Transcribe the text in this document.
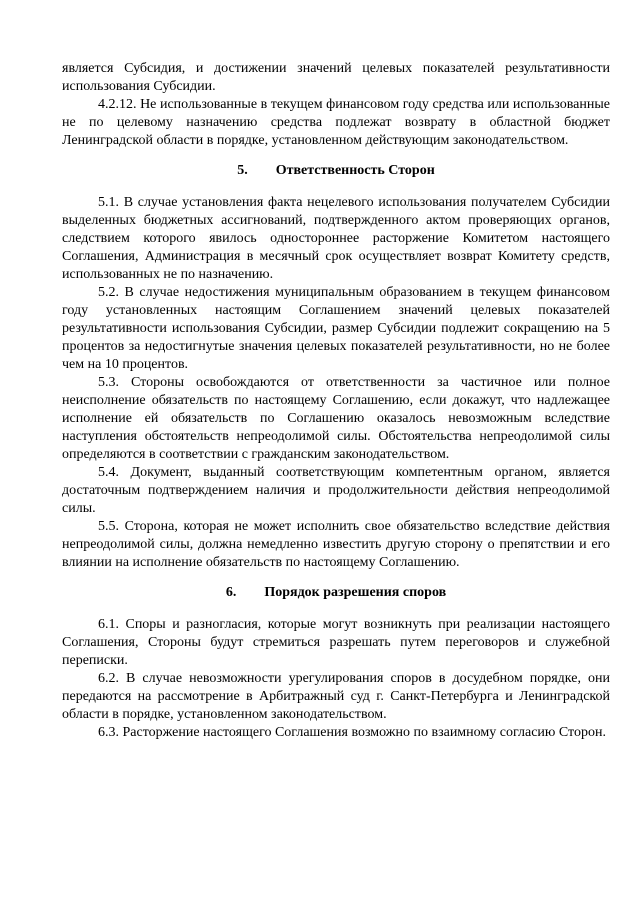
является Субсидия, и достижении значений целевых показателей результативности использования Субсидии.

4.2.12. Не использованные в текущем финансовом году средства или использованные не по целевому назначению средства подлежат возврату в областной бюджет Ленинградской области в порядке, установленном действующим законодательством.

5. Ответственность Сторон

5.1. В случае установления факта нецелевого использования получателем Субсидии выделенных бюджетных ассигнований, подтвержденного актом проверяющих органов, следствием которого явилось одностороннее расторжение Комитетом настоящего Соглашения, Администрация в месячный срок осуществляет возврат Комитету средств, использованных не по назначению.

5.2. В случае недостижения муниципальным образованием в текущем финансовом году установленных настоящим Соглашением значений целевых показателей результативности использования Субсидии, размер Субсидии подлежит сокращению на 5 процентов за недостигнутые значения целевых показателей результативности, но не более чем на 10 процентов.

5.3. Стороны освобождаются от ответственности за частичное или полное неисполнение обязательств по настоящему Соглашению, если докажут, что надлежащее исполнение ей обязательств по Соглашению оказалось невозможным вследствие наступления обстоятельств непреодолимой силы. Обстоятельства непреодолимой силы определяются в соответствии с гражданским законодательством.

5.4. Документ, выданный соответствующим компетентным органом, является достаточным подтверждением наличия и продолжительности действия непреодолимой силы.

5.5. Сторона, которая не может исполнить свое обязательство вследствие действия непреодолимой силы, должна немедленно известить другую сторону о препятствии и его влиянии на исполнение обязательств по настоящему Соглашению.

6. Порядок разрешения споров

6.1. Споры и разногласия, которые могут возникнуть при реализации настоящего Соглашения, Стороны будут стремиться разрешать путем переговоров и служебной переписки.

6.2. В случае невозможности урегулирования споров в досудебном порядке, они передаются на рассмотрение в Арбитражный суд г. Санкт-Петербурга и Ленинградской области в порядке, установленном законодательством.

6.3. Расторжение настоящего Соглашения возможно по взаимному согласию Сторон.
